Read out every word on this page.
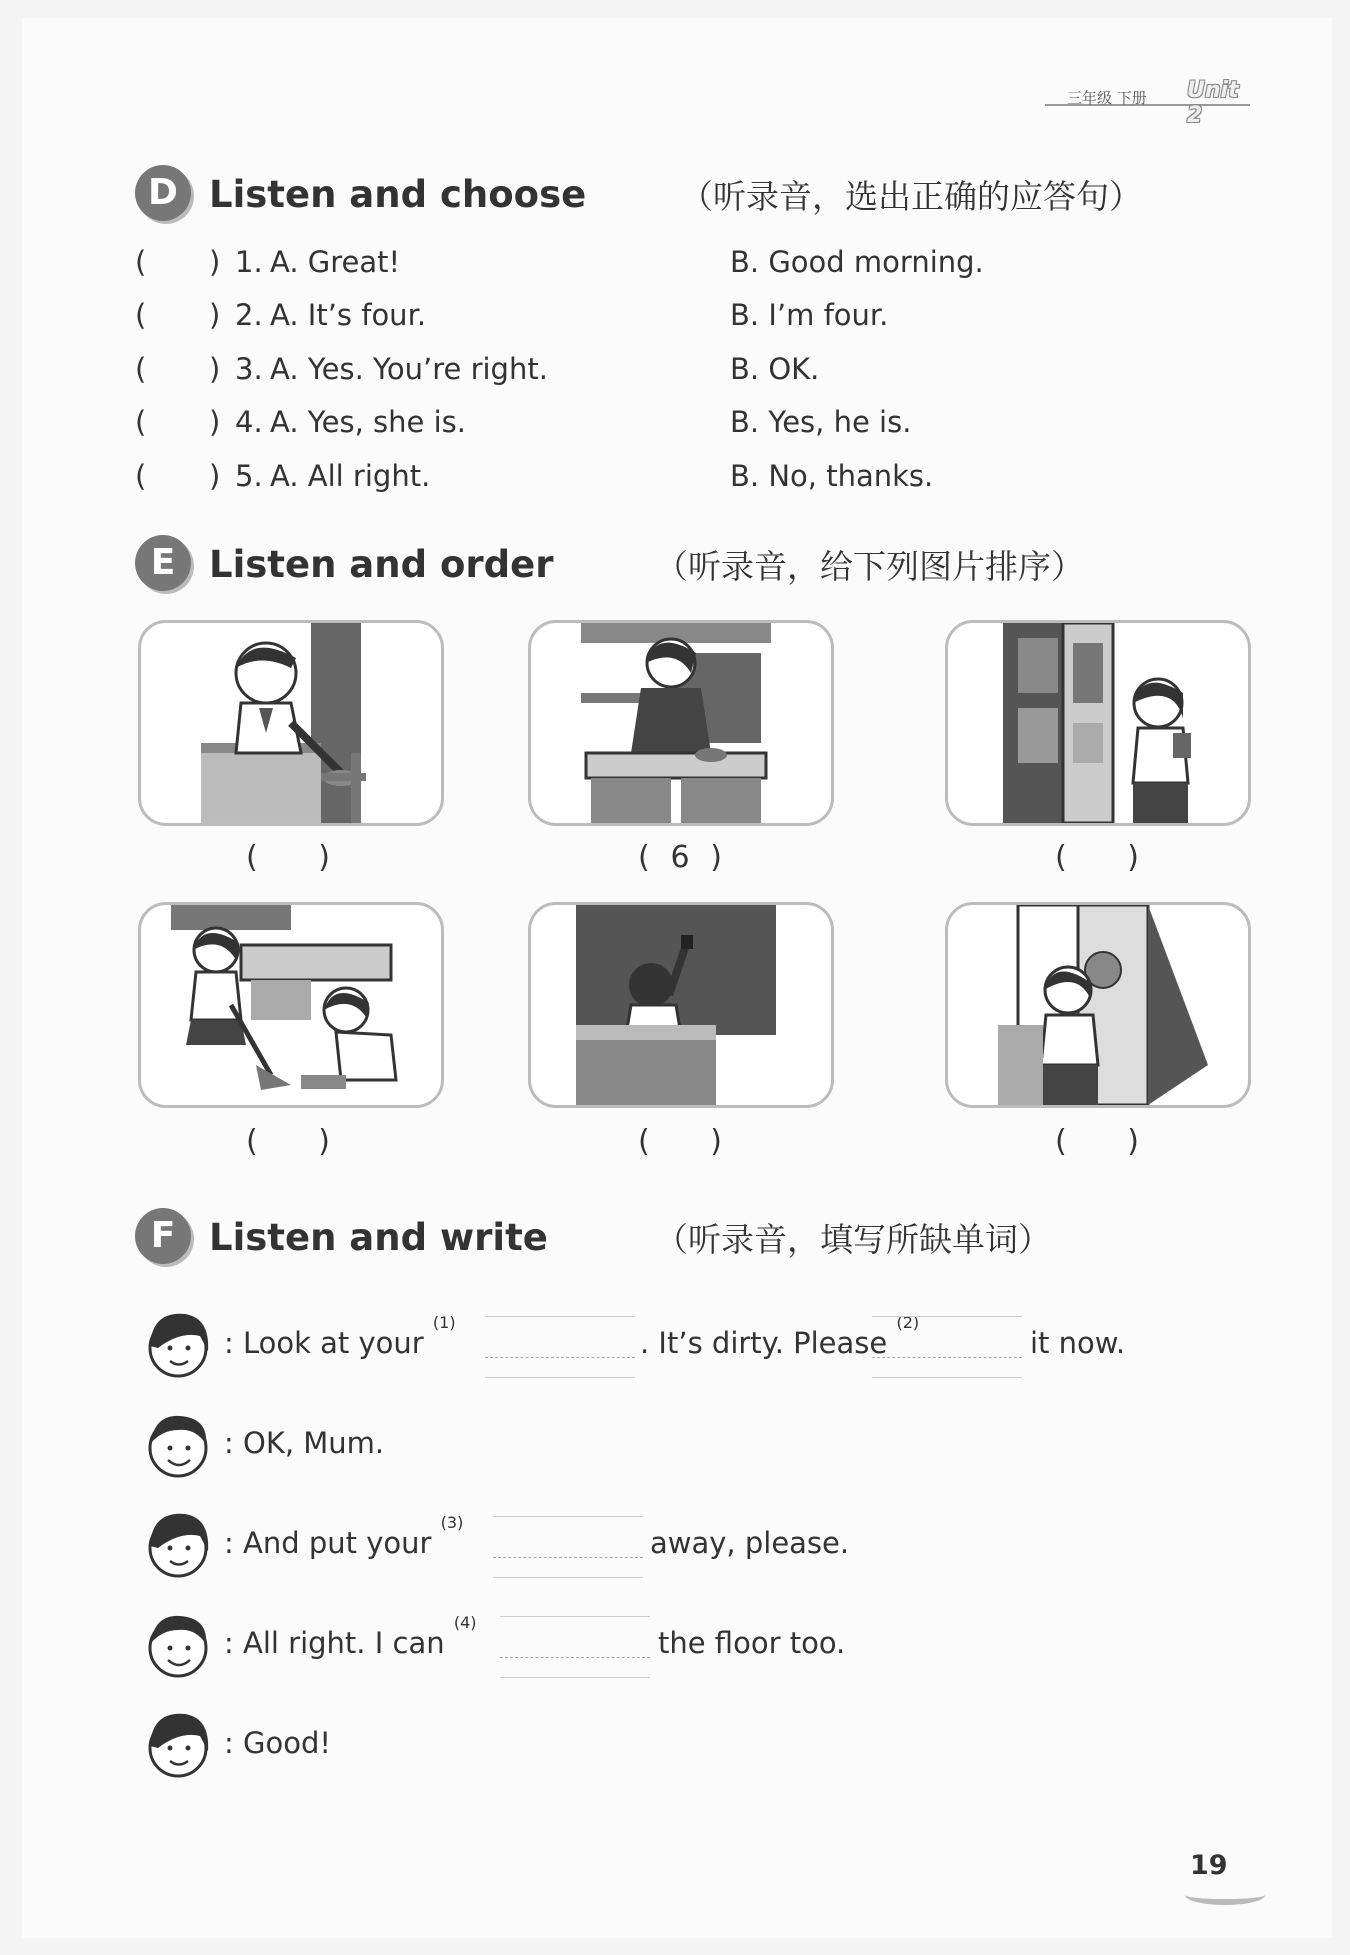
三年级 下册 Unit 2
D Listen and choose	（听录音，选出正确的应答句）
( ) 1. A. Great!	B. Good morning.
( ) 2. A. It’s four.	B. I’m four.
( ) 3. A. Yes. You’re right.	B. OK.
( ) 4. A. Yes, she is.	B. Yes, he is.
( ) 5. A. All right.	B. No, thanks.
E Listen and order	（听录音，给下列图片排序）
( )	( 6 )	( )
( )	( )	( )
F Listen and write	（听录音，填写所缺单词）
: Look at your $^{(1)}$
. It’s dirty. Please $^{(2)}$
it now.
: OK, Mum.
: And put your $^{(3)}$
away, please.
: All right. I can $^{(4)}$
the floor too.
: Good!
19
